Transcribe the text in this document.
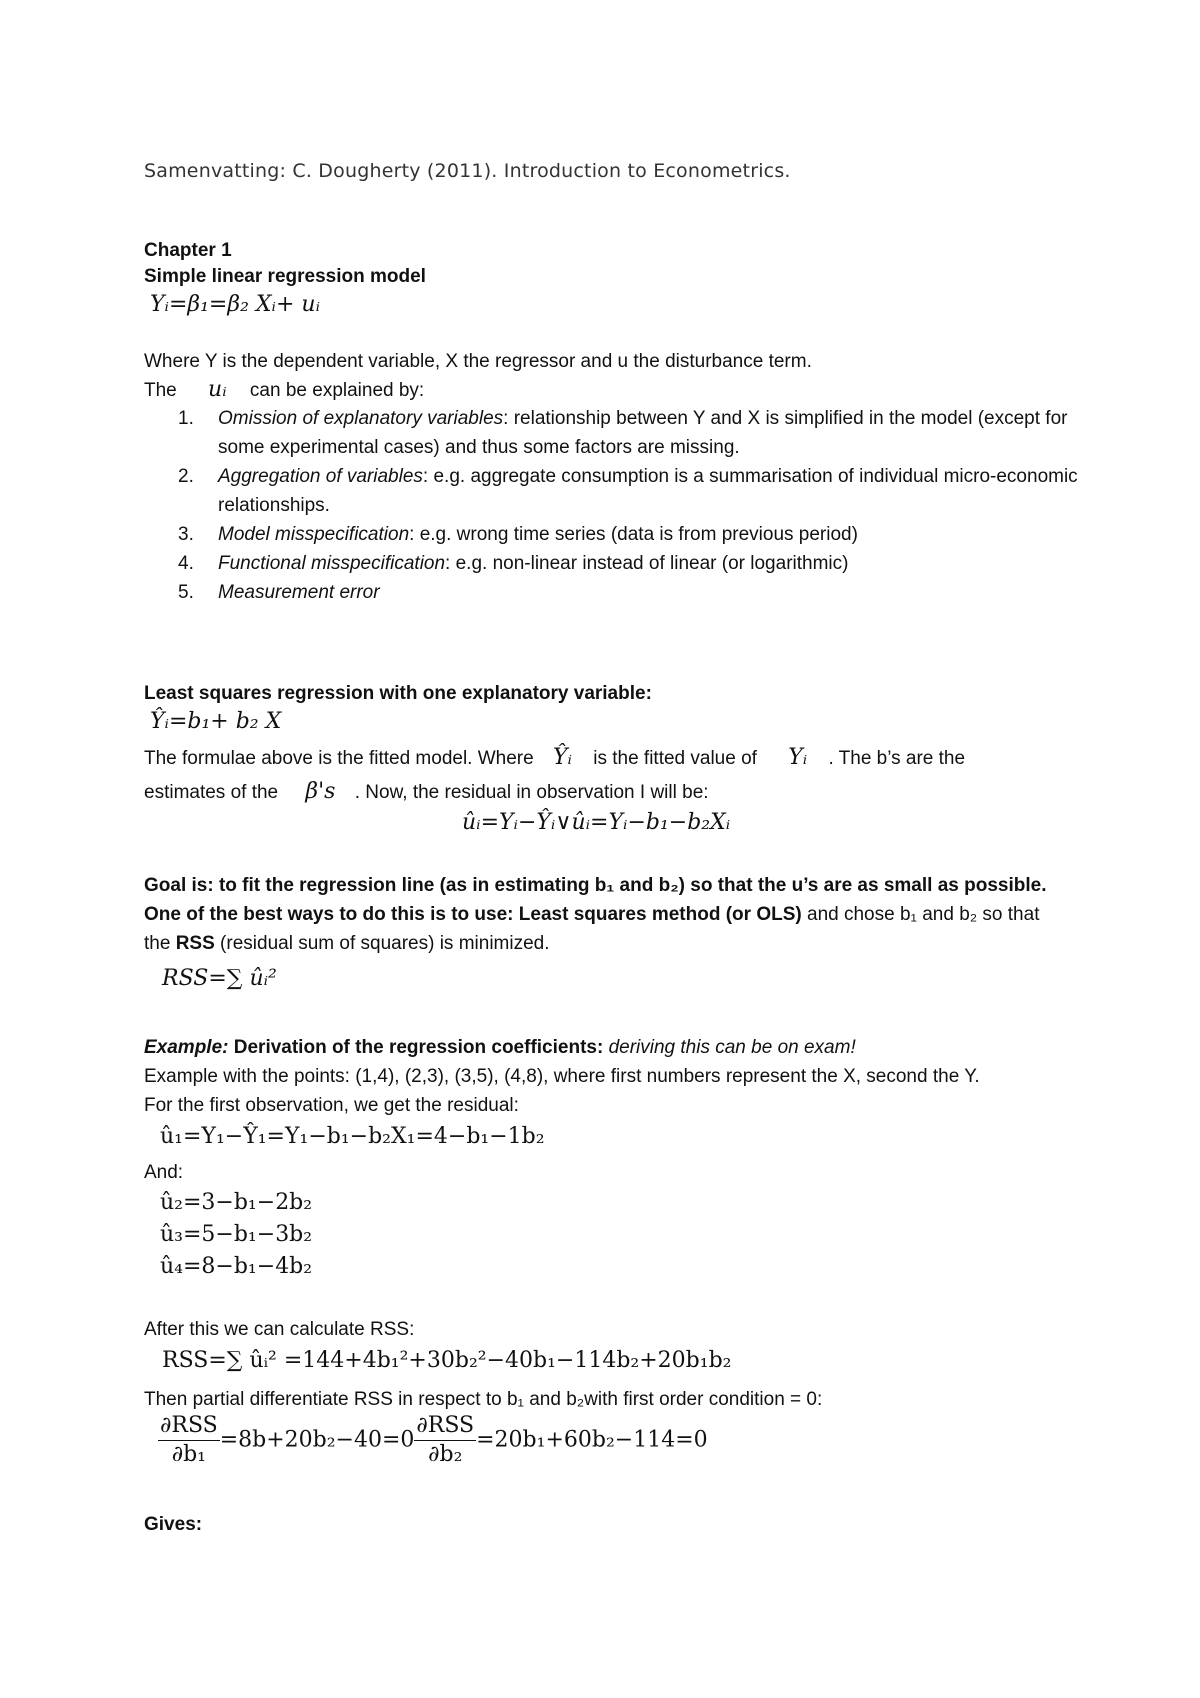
Samenvatting: C. Dougherty (2011). Introduction to Econometrics.
Chapter 1
Simple linear regression model
Yᵢ=β₁=β₂ Xᵢ+ uᵢ
Where Y is the dependent variable, X the regressor and u the disturbance term.
The uᵢ can be explained by:
1. Omission of explanatory variables: relationship between Y and X is simplified in the model (except for some experimental cases) and thus some factors are missing.
2. Aggregation of variables: e.g. aggregate consumption is a summarisation of individual micro-economic relationships.
3. Model misspecification: e.g. wrong time series (data is from previous period)
4. Functional misspecification: e.g. non-linear instead of linear (or logarithmic)
5. Measurement error
Least squares regression with one explanatory variable:
Ŷᵢ=b₁+ b₂ X
The formulae above is the fitted model. Where Ŷᵢ is the fitted value of Yᵢ . The b’s are the
estimates of the β's . Now, the residual in observation I will be:
ûᵢ=Yᵢ−Ŷᵢ∨ûᵢ=Yᵢ−b₁−b₂Xᵢ
Goal is: to fit the regression line (as in estimating b₁ and b₂) so that the u’s are as small as possible.
One of the best ways to do this is to use: Least squares method (or OLS) and chose b₁ and b₂ so that
the RSS (residual sum of squares) is minimized.
RSS=∑ ûᵢ²
Example: Derivation of the regression coefficients: deriving this can be on exam!
Example with the points: (1,4), (2,3), (3,5), (4,8), where first numbers represent the X, second the Y.
For the first observation, we get the residual:
û₁=Y₁−Ŷ₁=Y₁−b₁−b₂X₁=4−b₁−1b₂
And:
û₂=3−b₁−2b₂
û₃=5−b₁−3b₂
û₄=8−b₁−4b₂
After this we can calculate RSS:
RSS=∑ ûᵢ² =144+4b₁²+30b₂²−40b₁−114b₂+20b₁b₂
Then partial differentiate RSS in respect to b₁ and b₂with first order condition = 0:
$\frac{\text{∂RSS}}{\text{∂b₁}} =8b+20b_2-40=0 \frac{\text{∂RSS}}{\text{∂b₂}} =20b_1+60b_2-114=0$
Gives:
